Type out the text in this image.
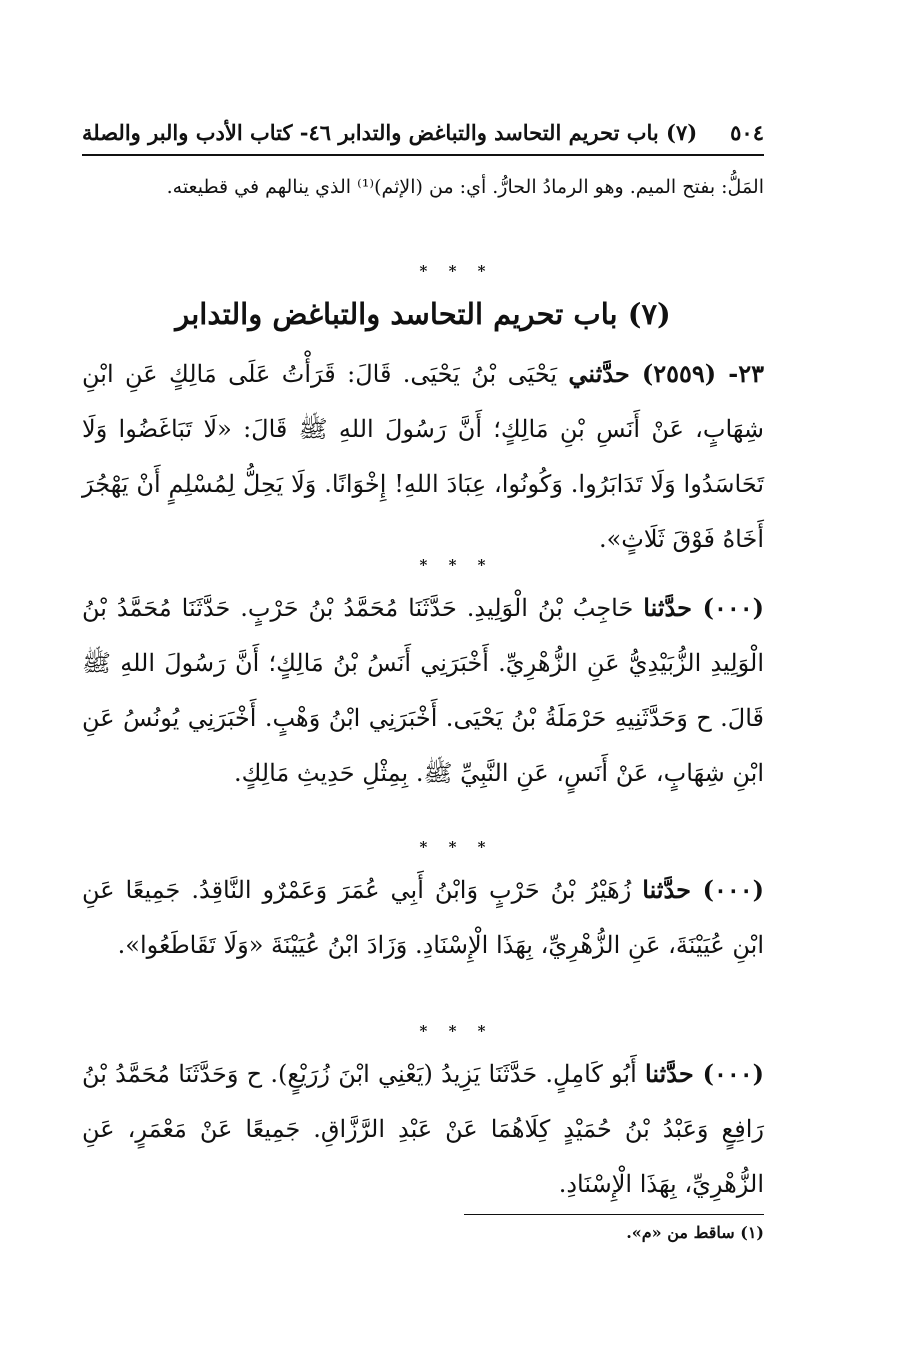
٥٠٤
(٧) باب تحريم التحاسد والتباغض والتدابر ٤٦- كتاب الأدب والبر والصلة
المَلُّ: بفتح الميم. وهو الرمادُ الحارُّ. أي: من (الإثم)⁽¹⁾ الذي ينالهم في قطيعته.
* * *
(٧) باب تحريم التحاسد والتباغض والتدابر
٢٣- (٢٥٥٩) حدَّثني يَحْيَى بْنُ يَحْيَى. قَالَ: قَرَأْتُ عَلَى مَالِكٍ عَنِ ابْنِ شِهَابٍ، عَنْ أَنَسِ بْنِ مَالِكٍ؛ أَنَّ رَسُولَ اللهِ ﷺ قَالَ: «لَا تَبَاغَضُوا وَلَا تَحَاسَدُوا وَلَا تَدَابَرُوا. وَكُونُوا، عِبَادَ اللهِ! إِخْوَانًا. وَلَا يَحِلُّ لِمُسْلِمٍ أَنْ يَهْجُرَ أَخَاهُ فَوْقَ ثَلَاثٍ».
* * *
(٠٠٠) حدَّثنا حَاجِبُ بْنُ الْوَلِيدِ. حَدَّثَنَا مُحَمَّدُ بْنُ حَرْبٍ. حَدَّثَنَا مُحَمَّدُ بْنُ الْوَلِيدِ الزُّبَيْدِيُّ عَنِ الزُّهْرِيِّ. أَخْبَرَنِي أَنَسُ بْنُ مَالِكٍ؛ أَنَّ رَسُولَ اللهِ ﷺ قَالَ. ح وَحَدَّثَنِيهِ حَرْمَلَةُ بْنُ يَحْيَى. أَخْبَرَنِي ابْنُ وَهْبٍ. أَخْبَرَنِي يُونُسُ عَنِ ابْنِ شِهَابٍ، عَنْ أَنَسٍ، عَنِ النَّبِيِّ ﷺ. بِمِثْلِ حَدِيثِ مَالِكٍ.
* * *
(٠٠٠) حدَّثنا زُهَيْرُ بْنُ حَرْبٍ وَابْنُ أَبِي عُمَرَ وَعَمْرٌو النَّاقِدُ. جَمِيعًا عَنِ ابْنِ عُيَيْنَةَ، عَنِ الزُّهْرِيِّ، بِهَذَا الْإِسْنَادِ. وَزَادَ ابْنُ عُيَيْنَةَ «وَلَا تَقَاطَعُوا».
* * *
(٠٠٠) حدَّثنا أَبُو كَامِلٍ. حَدَّثَنَا يَزِيدُ (يَعْنِي ابْنَ زُرَيْعٍ). ح وَحَدَّثَنَا مُحَمَّدُ بْنُ رَافِعٍ وَعَبْدُ بْنُ حُمَيْدٍ كِلَاهُمَا عَنْ عَبْدِ الرَّزَّاقِ. جَمِيعًا عَنْ مَعْمَرٍ، عَنِ الزُّهْرِيِّ، بِهَذَا الْإِسْنَادِ.
(١) ساقط من «م».
